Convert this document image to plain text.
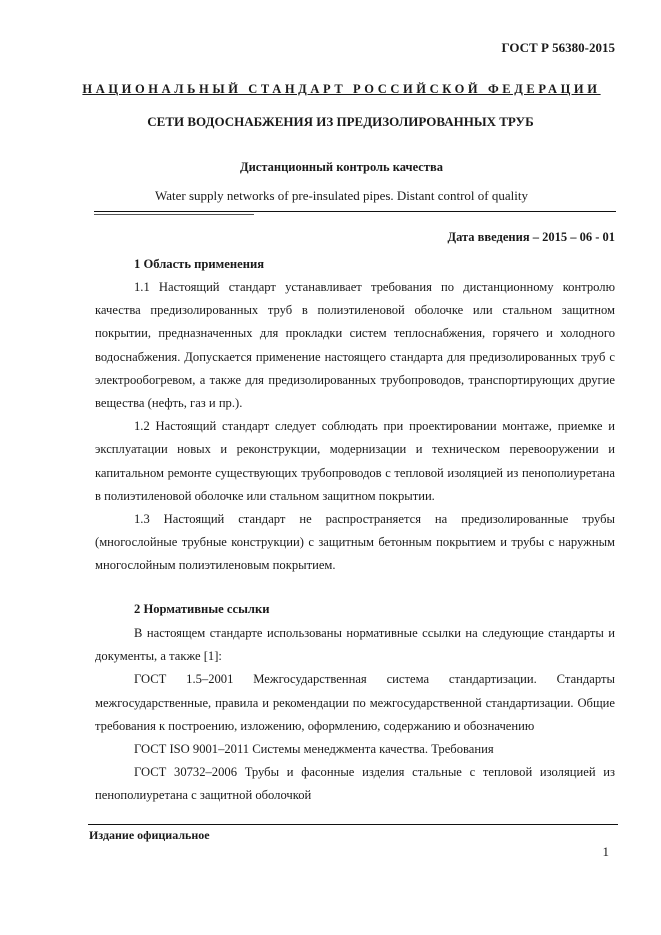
ГОСТ Р 56380-2015
НАЦИОНАЛЬНЫЙ СТАНДАРТ РОССИЙСКОЙ ФЕДЕРАЦИИ
СЕТИ ВОДОСНАБЖЕНИЯ ИЗ ПРЕДИЗОЛИРОВАННЫХ ТРУБ
Дистанционный контроль качества
Water supply networks of pre-insulated pipes. Distant control of quality
Дата введения – 2015 – 06 - 01
1 Область применения

1.1 Настоящий стандарт устанавливает требования по дистанционному контролю качества предизолированных труб в полиэтиленовой оболочке или стальном защитном покрытии, предназначенных для прокладки систем теплоснабжения, горячего и холодного водоснабжения. Допускается применение настоящего стандарта для предизолированных труб с электрообогревом, а также для предизолированных трубопроводов, транспортирующих другие вещества (нефть, газ и пр.).

1.2 Настоящий стандарт следует соблюдать при проектировании монтаже, приемке и эксплуатации новых и реконструкции, модернизации и техническом перевооружении и капитальном ремонте существующих трубопроводов с тепловой изоляцией из пенополиуретана в полиэтиленовой оболочке или стальном защитном покрытии.

1.3 Настоящий стандарт не распространяется на предизолированные трубы (многослойные трубные конструкции) с защитным бетонным покрытием и трубы с наружным многослойным полиэтиленовым покрытием.

2 Нормативные ссылки

В настоящем стандарте использованы нормативные ссылки на следующие стандарты и документы, а также [1]:

ГОСТ 1.5–2001 Межгосударственная система стандартизации. Стандарты межгосударственные, правила и рекомендации по межгосударственной стандартизации. Общие требования к построению, изложению, оформлению, содержанию и обозначению

ГОСТ ISO 9001–2011 Системы менеджмента качества. Требования

ГОСТ 30732–2006 Трубы и фасонные изделия стальные с тепловой изоляцией из пенополиуретана с защитной оболочкой

Издание официальное
1
